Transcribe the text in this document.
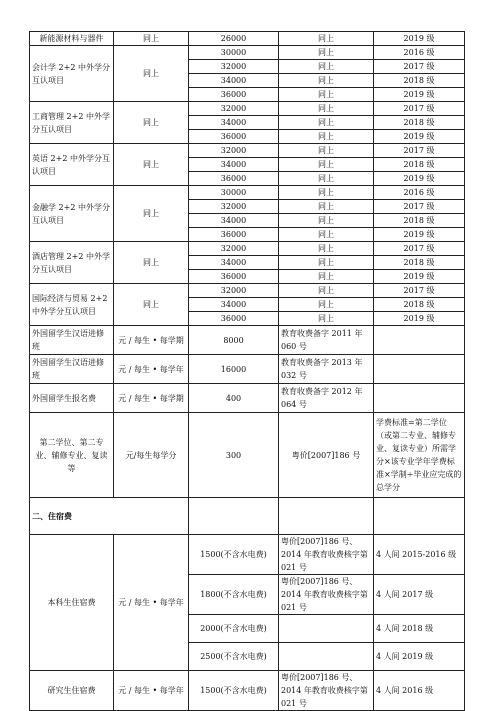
新能源材料与器件	同上	26000	同上	2019 级
会计学 2+2 中外学分互认项目	同上	30000	同上	2016 级
		32000	同上	2017 级
		34000	同上	2018 级
		36000	同上	2019 级
工商管理 2+2 中外学分互认项目	同上	32000	同上	2017 级
		34000	同上	2018 级
		36000	同上	2019 级
英语 2+2 中外学分互认项目	同上	32000	同上	2017 级
		34000	同上	2018 级
		36000	同上	2019 级
金融学 2+2 中外学分互认项目	同上	30000	同上	2016 级
		32000	同上	2017 级
		34000	同上	2018 级
		36000	同上	2019 级
酒店管理 2+2 中外学分互认项目	同上	32000	同上	2017 级
		34000	同上	2018 级
		36000	同上	2019 级
国际经济与贸易 2+2 中外学分互认项目	同上	32000	同上	2017 级
		34000	同上	2018 级
		36000	同上	2019 级
外国留学生汉语进修班	元 / 每生 • 每学期	8000	教育收费备字 2011 年 060 号	
外国留学生汉语进修班	元 / 每生 • 每学年	16000	教育收费备字 2013 年 032 号	
外国留学生报名费	元 / 每生 • 每学期	400	教育收费备字 2012 年 064 号	
第二学位、第二专业、辅修专业、复读等	元/每生每学分	300	粤价[2007]186 号	学费标准=第二学位（或第二专业、辅修专业、复读专业）所需学分×该专业学年学费标准×学制÷毕业应完成的总学分
二、住宿费				
本科生住宿费	元 / 每生 • 每学年	1500(不含水电费)	粤价[2007]186 号、2014 年教育收费核字第 021 号	4 人间 2015-2016 级
		1800(不含水电费)	粤价[2007]186 号、2014 年教育收费核字第 021 号	4 人间 2017 级
		2000(不含水电费)		4 人间 2018 级
		2500(不含水电费)		4 人间 2019 级
研究生住宿费	元 / 每生 • 每学年	1500(不含水电费)	粤价[2007]186 号、2014 年教育收费核字第 021 号	4 人间 2016 级
